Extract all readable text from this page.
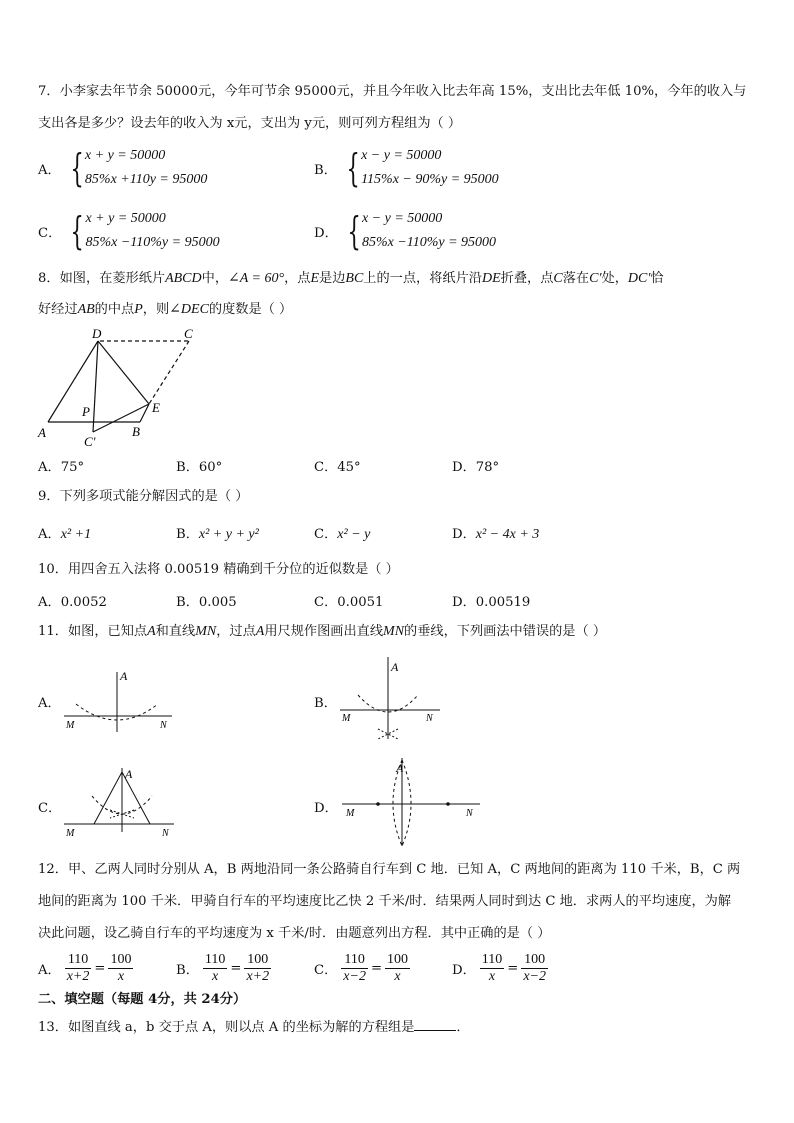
7．小李家去年节余 50000元，今年可节余 95000元，并且今年收入比去年高 15%，支出比去年低 10%，今年的收入与
支出各是多少？设去年的收入为 x元，支出为 y元，则可列方程组为（ ）
A． { x + y = 50000
85%x +110y = 95000
B． { x − y = 50000
115%x − 90%y = 95000
C． { x + y = 50000
85%x −110%y = 95000
D． { x − y = 50000
85%x −110%y = 95000
8．如图，在菱形纸片ABCD中，∠A = 60°，点E是边BC上的一点，将纸片沿DE折叠，点C落在C′处，DC′恰
好经过AB的中点P，则∠DEC的度数是（ ）
D	C
P	E
A
C′
B
A．75°	B．60°	C．45°	D．78°
9．下列多项式能分解因式的是（ ）
A．x² +1	B．x² + y + y²	C．x² − y	D．x² − 4x + 3
10．用四舍五入法将 0.00519 精确到千分位的近似数是（ ）
A．0.0052	B．0.005	C．0.0051	D．0.00519
11．如图，已知点A和直线MN，过点A用尺规作图画出直线MN的垂线，下列画法中错误的是（ ）
A．
A
M	N
B．
A
M	N
C．
A
M	N
D．
A
M	N
12．甲、乙两人同时分别从 A，B 两地沿同一条公路骑自行车到 C 地．已知 A，C 两地间的距离为 110 千米，B，C 两
地间的距离为 100 千米．甲骑自行车的平均速度比乙快 2 千米/时．结果两人同时到达 C 地．求两人的平均速度，为解
决此问题，设乙骑自行车的平均速度为 x 千米/时．由题意列出方程．其中正确的是（ ）
A． $\frac{110}{x+2} = \frac{100}{x}$	B． $\frac{110}{x} = \frac{100}{x+2}$	C． $\frac{110}{x-2} = \frac{100}{x}$	D． $\frac{110}{x} = \frac{100}{x-2}$
二、填空题（每题 4分，共 24分）
13．如图直线 a，b 交于点 A，则以点 A 的坐标为解的方程组是	．
